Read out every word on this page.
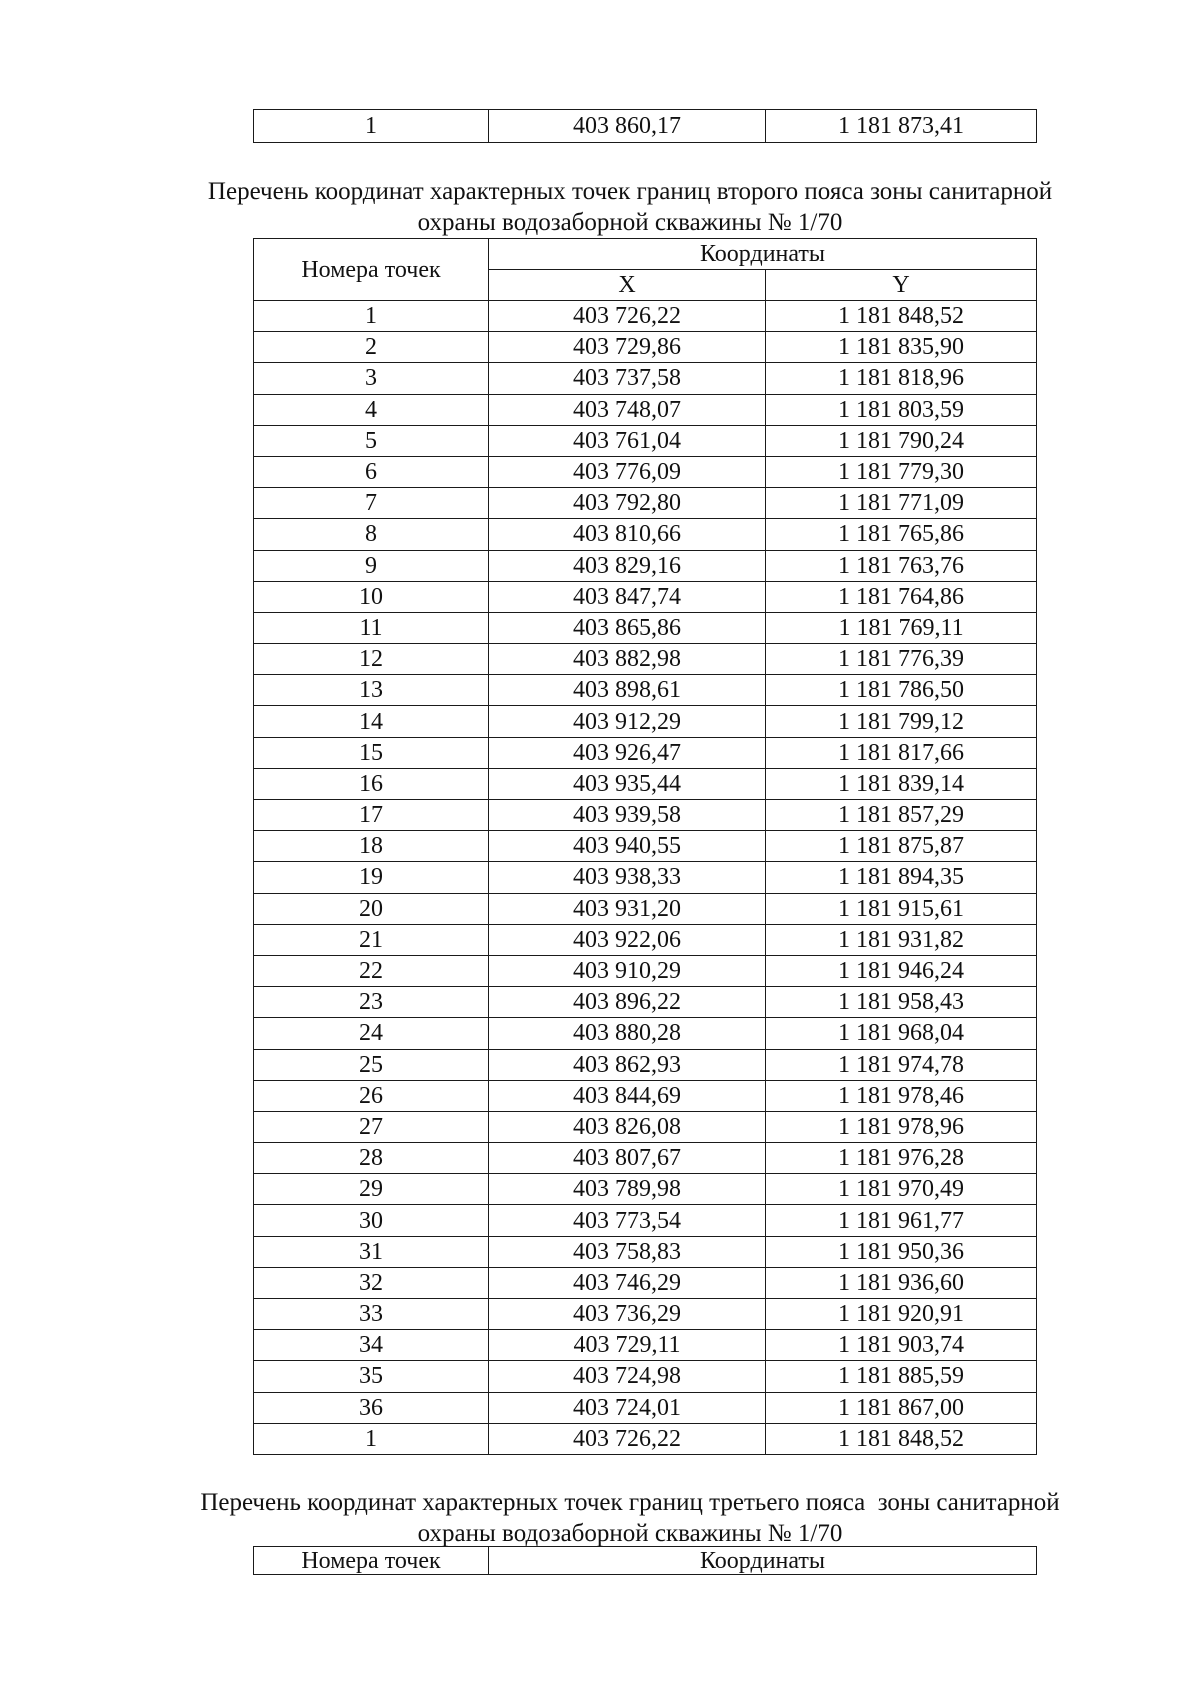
1	403 860,17	1 181 873,41
Перечень координат характерных точек границ второго пояса зоны санитарной
охраны водозаборной скважины № 1/70
Номера точек	Координаты	
	X	Y
1	403 726,22	1 181 848,52
2	403 729,86	1 181 835,90
3	403 737,58	1 181 818,96
4	403 748,07	1 181 803,59
5	403 761,04	1 181 790,24
6	403 776,09	1 181 779,30
7	403 792,80	1 181 771,09
8	403 810,66	1 181 765,86
9	403 829,16	1 181 763,76
10	403 847,74	1 181 764,86
11	403 865,86	1 181 769,11
12	403 882,98	1 181 776,39
13	403 898,61	1 181 786,50
14	403 912,29	1 181 799,12
15	403 926,47	1 181 817,66
16	403 935,44	1 181 839,14
17	403 939,58	1 181 857,29
18	403 940,55	1 181 875,87
19	403 938,33	1 181 894,35
20	403 931,20	1 181 915,61
21	403 922,06	1 181 931,82
22	403 910,29	1 181 946,24
23	403 896,22	1 181 958,43
24	403 880,28	1 181 968,04
25	403 862,93	1 181 974,78
26	403 844,69	1 181 978,46
27	403 826,08	1 181 978,96
28	403 807,67	1 181 976,28
29	403 789,98	1 181 970,49
30	403 773,54	1 181 961,77
31	403 758,83	1 181 950,36
32	403 746,29	1 181 936,60
33	403 736,29	1 181 920,91
34	403 729,11	1 181 903,74
35	403 724,98	1 181 885,59
36	403 724,01	1 181 867,00
1	403 726,22	1 181 848,52
Перечень координат характерных точек границ третьего пояса  зоны санитарной
охраны водозаборной скважины № 1/70
Номера точек	Координаты
